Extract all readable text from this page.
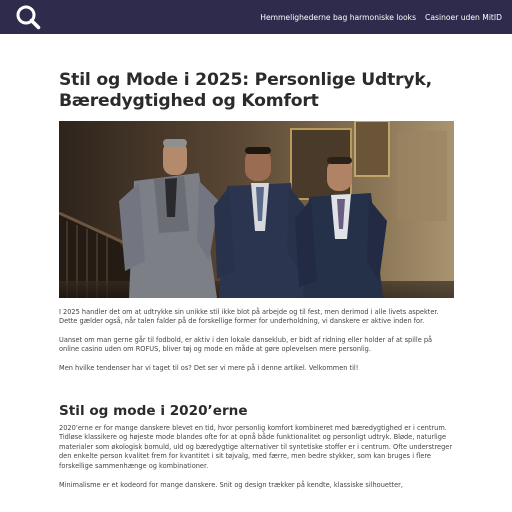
Hemmelighederne bag harmoniske looks Casinoer uden MitID
Stil og Mode i 2025: Personlige Udtryk, Bæredygtighed og Komfort

I 2025 handler det om at udtrykke sin unikke stil ikke blot på arbejde og til fest, men derimod i alle livets aspekter. Dette gælder også, når talen falder på de forskellige former for underholdning, vi danskere er aktive inden for.

Uanset om man gerne går til fodbold, er aktiv i den lokale danseklub, er bidt af ridning eller holder af at spille på online casino uden om ROFUS, bliver tøj og mode en måde at gøre oplevelsen mere personlig.

Men hvilke tendenser har vi taget til os? Det ser vi mere på i denne artikel. Velkommen til!

Stil og mode i 2020’erne

2020’erne er for mange danskere blevet en tid, hvor personlig komfort kombineret med bæredygtighed er i centrum. Tidløse klassikere og højeste mode blandes ofte for at opnå både funktionalitet og personligt udtryk. Bløde, naturlige materialer som økologisk bomuld, uld og bæredygtige alternativer til syntetiske stoffer er i centrum. Ofte understreger den enkelte person kvalitet frem for kvantitet i sit tøjvalg, med færre, men bedre stykker, som kan bruges i flere forskellige sammenhænge og kombinationer.

Minimalisme er et kodeord for mange danskere. Snit og design trækker på kendte, klassiske silhouetter,
